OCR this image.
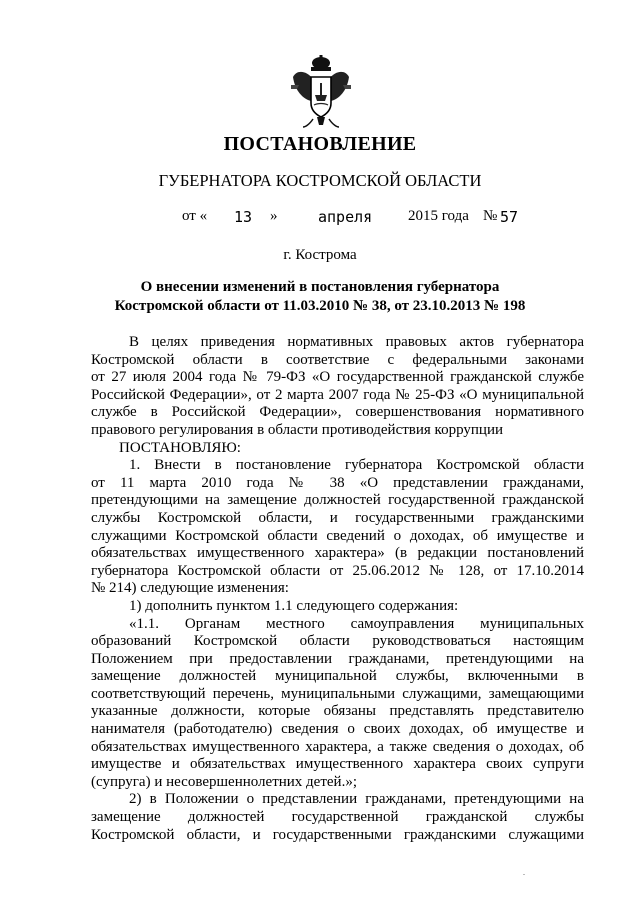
ПОСТАНОВЛЕНИЕ
ГУБЕРНАТОРА КОСТРОМСКОЙ ОБЛАСТИ
от « 13 »	апреля 2015 года № 57
г. Кострома
О внесении изменений в постановления губернатора
Костромской области от 11.03.2010 № 38, от 23.10.2013 № 198
В целях приведения нормативных правовых актов губернатора
Костромской области в соответствие с федеральными законами
от 27 июля 2004 года № 79-ФЗ «О государственной гражданской службе
Российской Федерации», от 2 марта 2007 года № 25-ФЗ «О муниципальной
службе в Российской Федерации», совершенствования нормативного
правового регулирования в области противодействия коррупции
ПОСТАНОВЛЯЮ:
1. Внести в постановление губернатора Костромской области
от 11 марта 2010 года № 38 «О представлении гражданами,
претендующими на замещение должностей государственной гражданской
службы Костромской области, и государственными гражданскими
служащими Костромской области сведений о доходах, об имуществе и
обязательствах имущественного характера» (в редакции постановлений
губернатора Костромской области от 25.06.2012 № 128, от 17.10.2014
№ 214) следующие изменения:
1) дополнить пунктом 1.1 следующего содержания:
«1.1. Органам местного самоуправления муниципальных
образований Костромской области руководствоваться настоящим
Положением при предоставлении гражданами, претендующими на
замещение должностей муниципальной службы, включенными в
соответствующий перечень, муниципальными служащими, замещающими
указанные должности, которые обязаны представлять представителю
нанимателя (работодателю) сведения о своих доходах, об имуществе и
обязательствах имущественного характера, а также сведения о доходах, об
имуществе и обязательствах имущественного характера своих супруги
(супруга) и несовершеннолетних детей.»;
2) в Положении о представлении гражданами, претендующими на
замещение должностей государственной гражданской службы
Костромской области, и государственными гражданскими служащими
